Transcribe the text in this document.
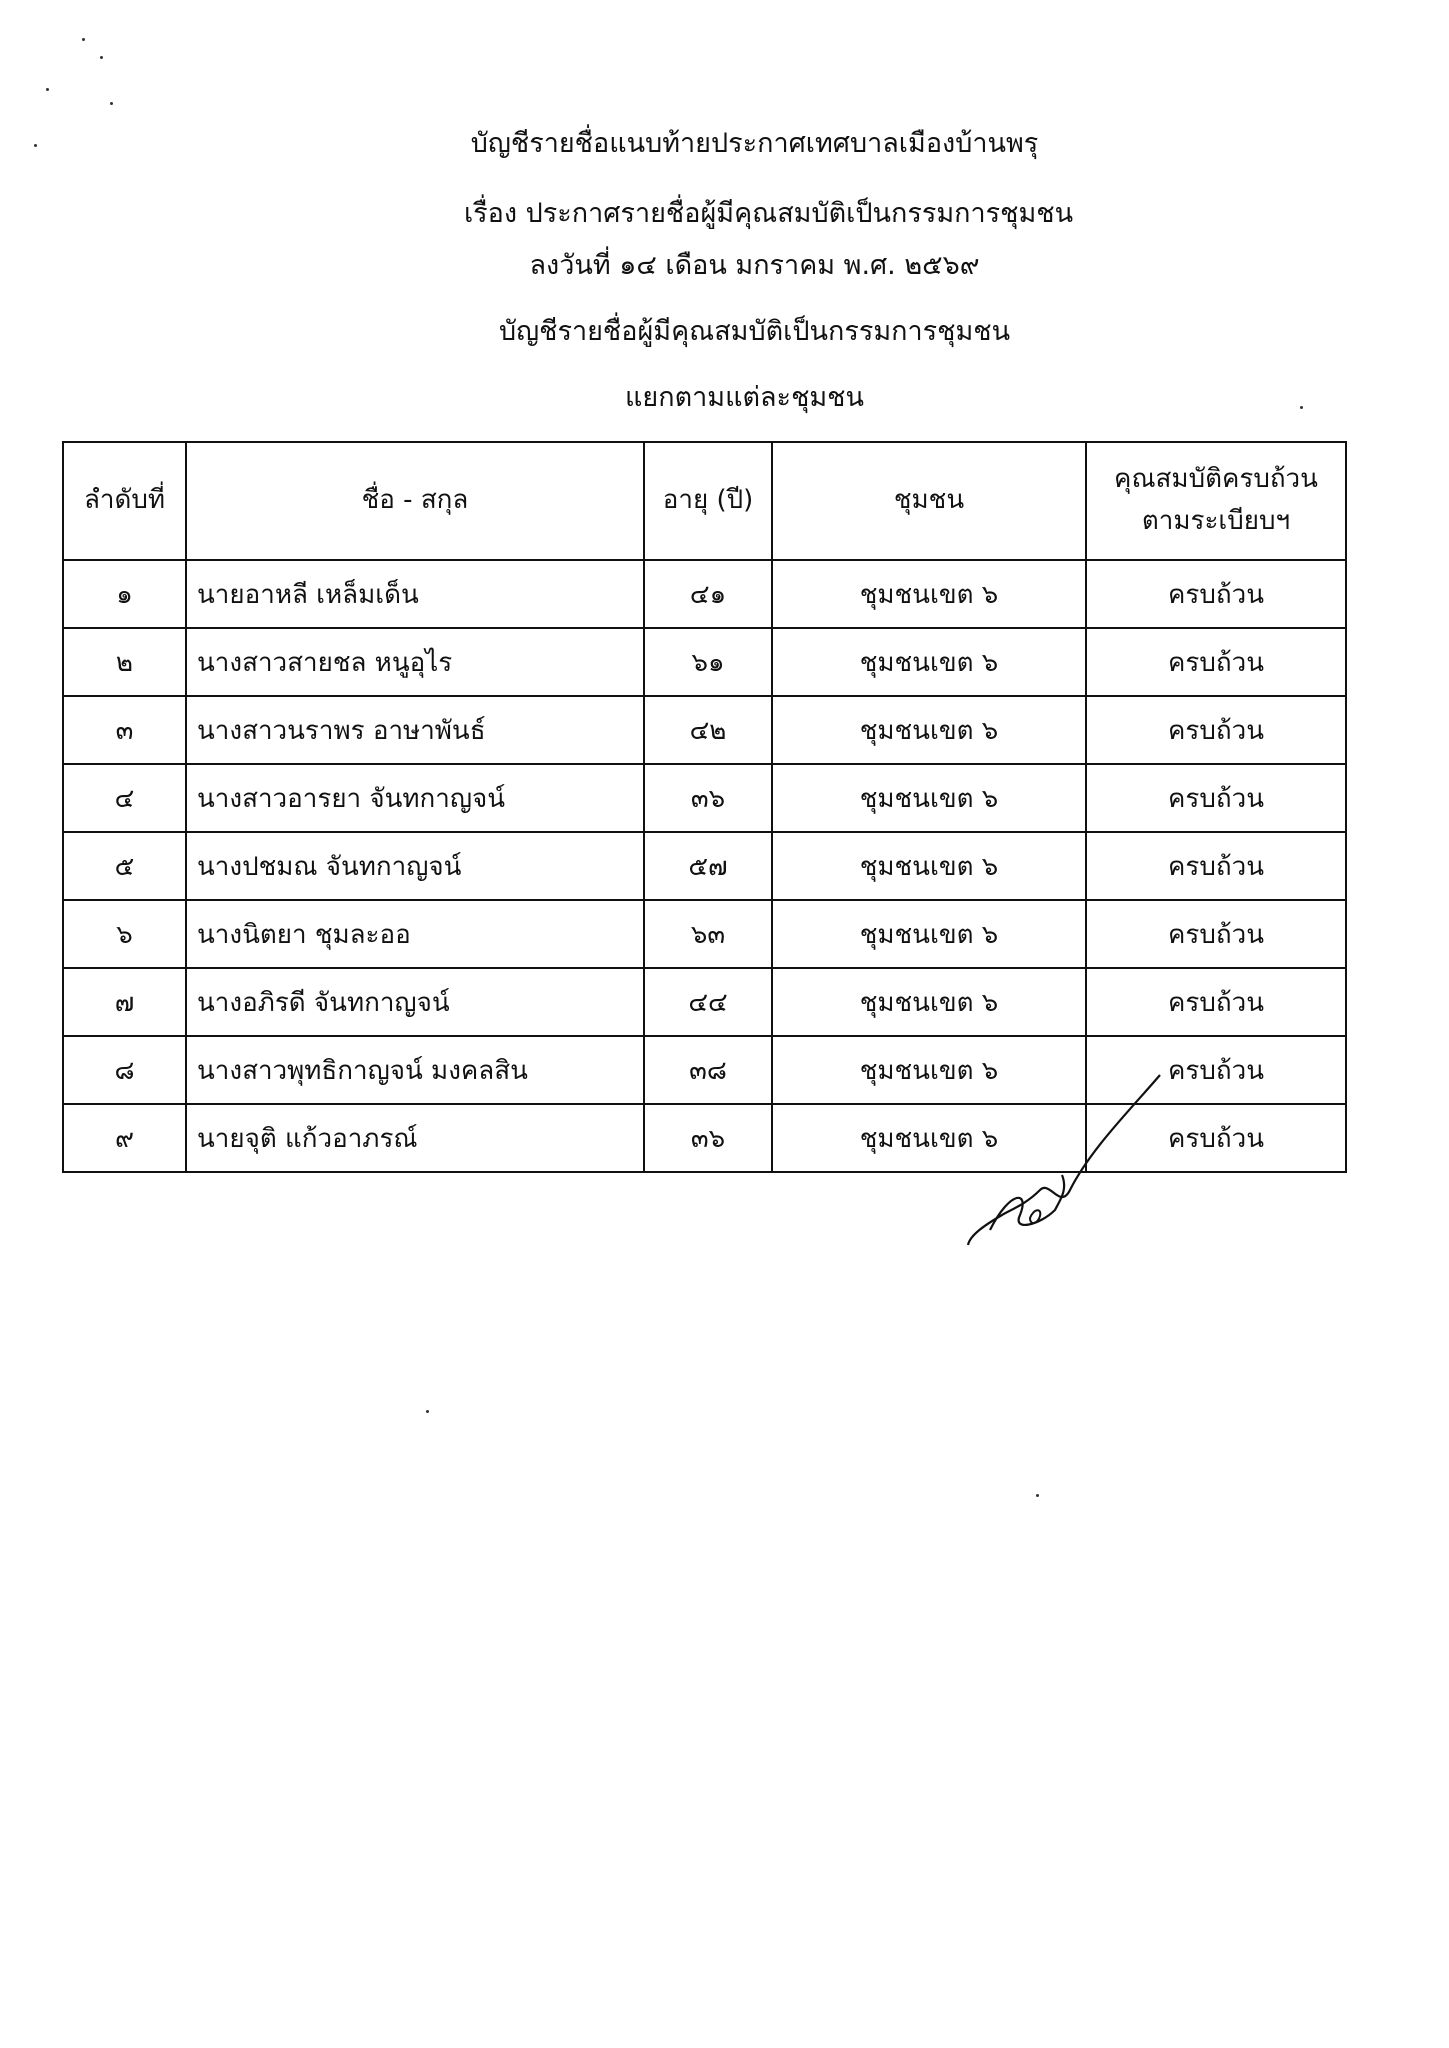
บัญชีรายชื่อแนบท้ายประกาศเทศบาลเมืองบ้านพรุ
เรื่อง ประกาศรายชื่อผู้มีคุณสมบัติเป็นกรรมการชุมชน
ลงวันที่ ๑๔ เดือน มกราคม พ.ศ. ๒๕๖๙
บัญชีรายชื่อผู้มีคุณสมบัติเป็นกรรมการชุมชน
แยกตามแต่ละชุมชน
ลำดับที่	ชื่อ - สกุล	อายุ (ปี)	ชุมชน	คุณสมบัติครบถ้วน
ตามระเบียบฯ

๑	นายอาหลี เหล็มเด็น	๔๑	ชุมชนเขต ๖	ครบถ้วน
๒	นางสาวสายชล หนูอุไร	๖๑	ชุมชนเขต ๖	ครบถ้วน
๓	นางสาวนราพร อาษาพันธ์	๔๒	ชุมชนเขต ๖	ครบถ้วน
๔	นางสาวอารยา จันทกาญจน์	๓๖	ชุมชนเขต ๖	ครบถ้วน
๕	นางปชมณ จันทกาญจน์	๕๗	ชุมชนเขต ๖	ครบถ้วน
๖	นางนิตยา ชุมละออ	๖๓	ชุมชนเขต ๖	ครบถ้วน
๗	นางอภิรดี จันทกาญจน์	๔๔	ชุมชนเขต ๖	ครบถ้วน
๘	นางสาวพุทธิกาญจน์ มงคลสิน	๓๘	ชุมชนเขต ๖	ครบถ้วน
๙	นายจุติ แก้วอาภรณ์	๓๖	ชุมชนเขต ๖	ครบถ้วน
